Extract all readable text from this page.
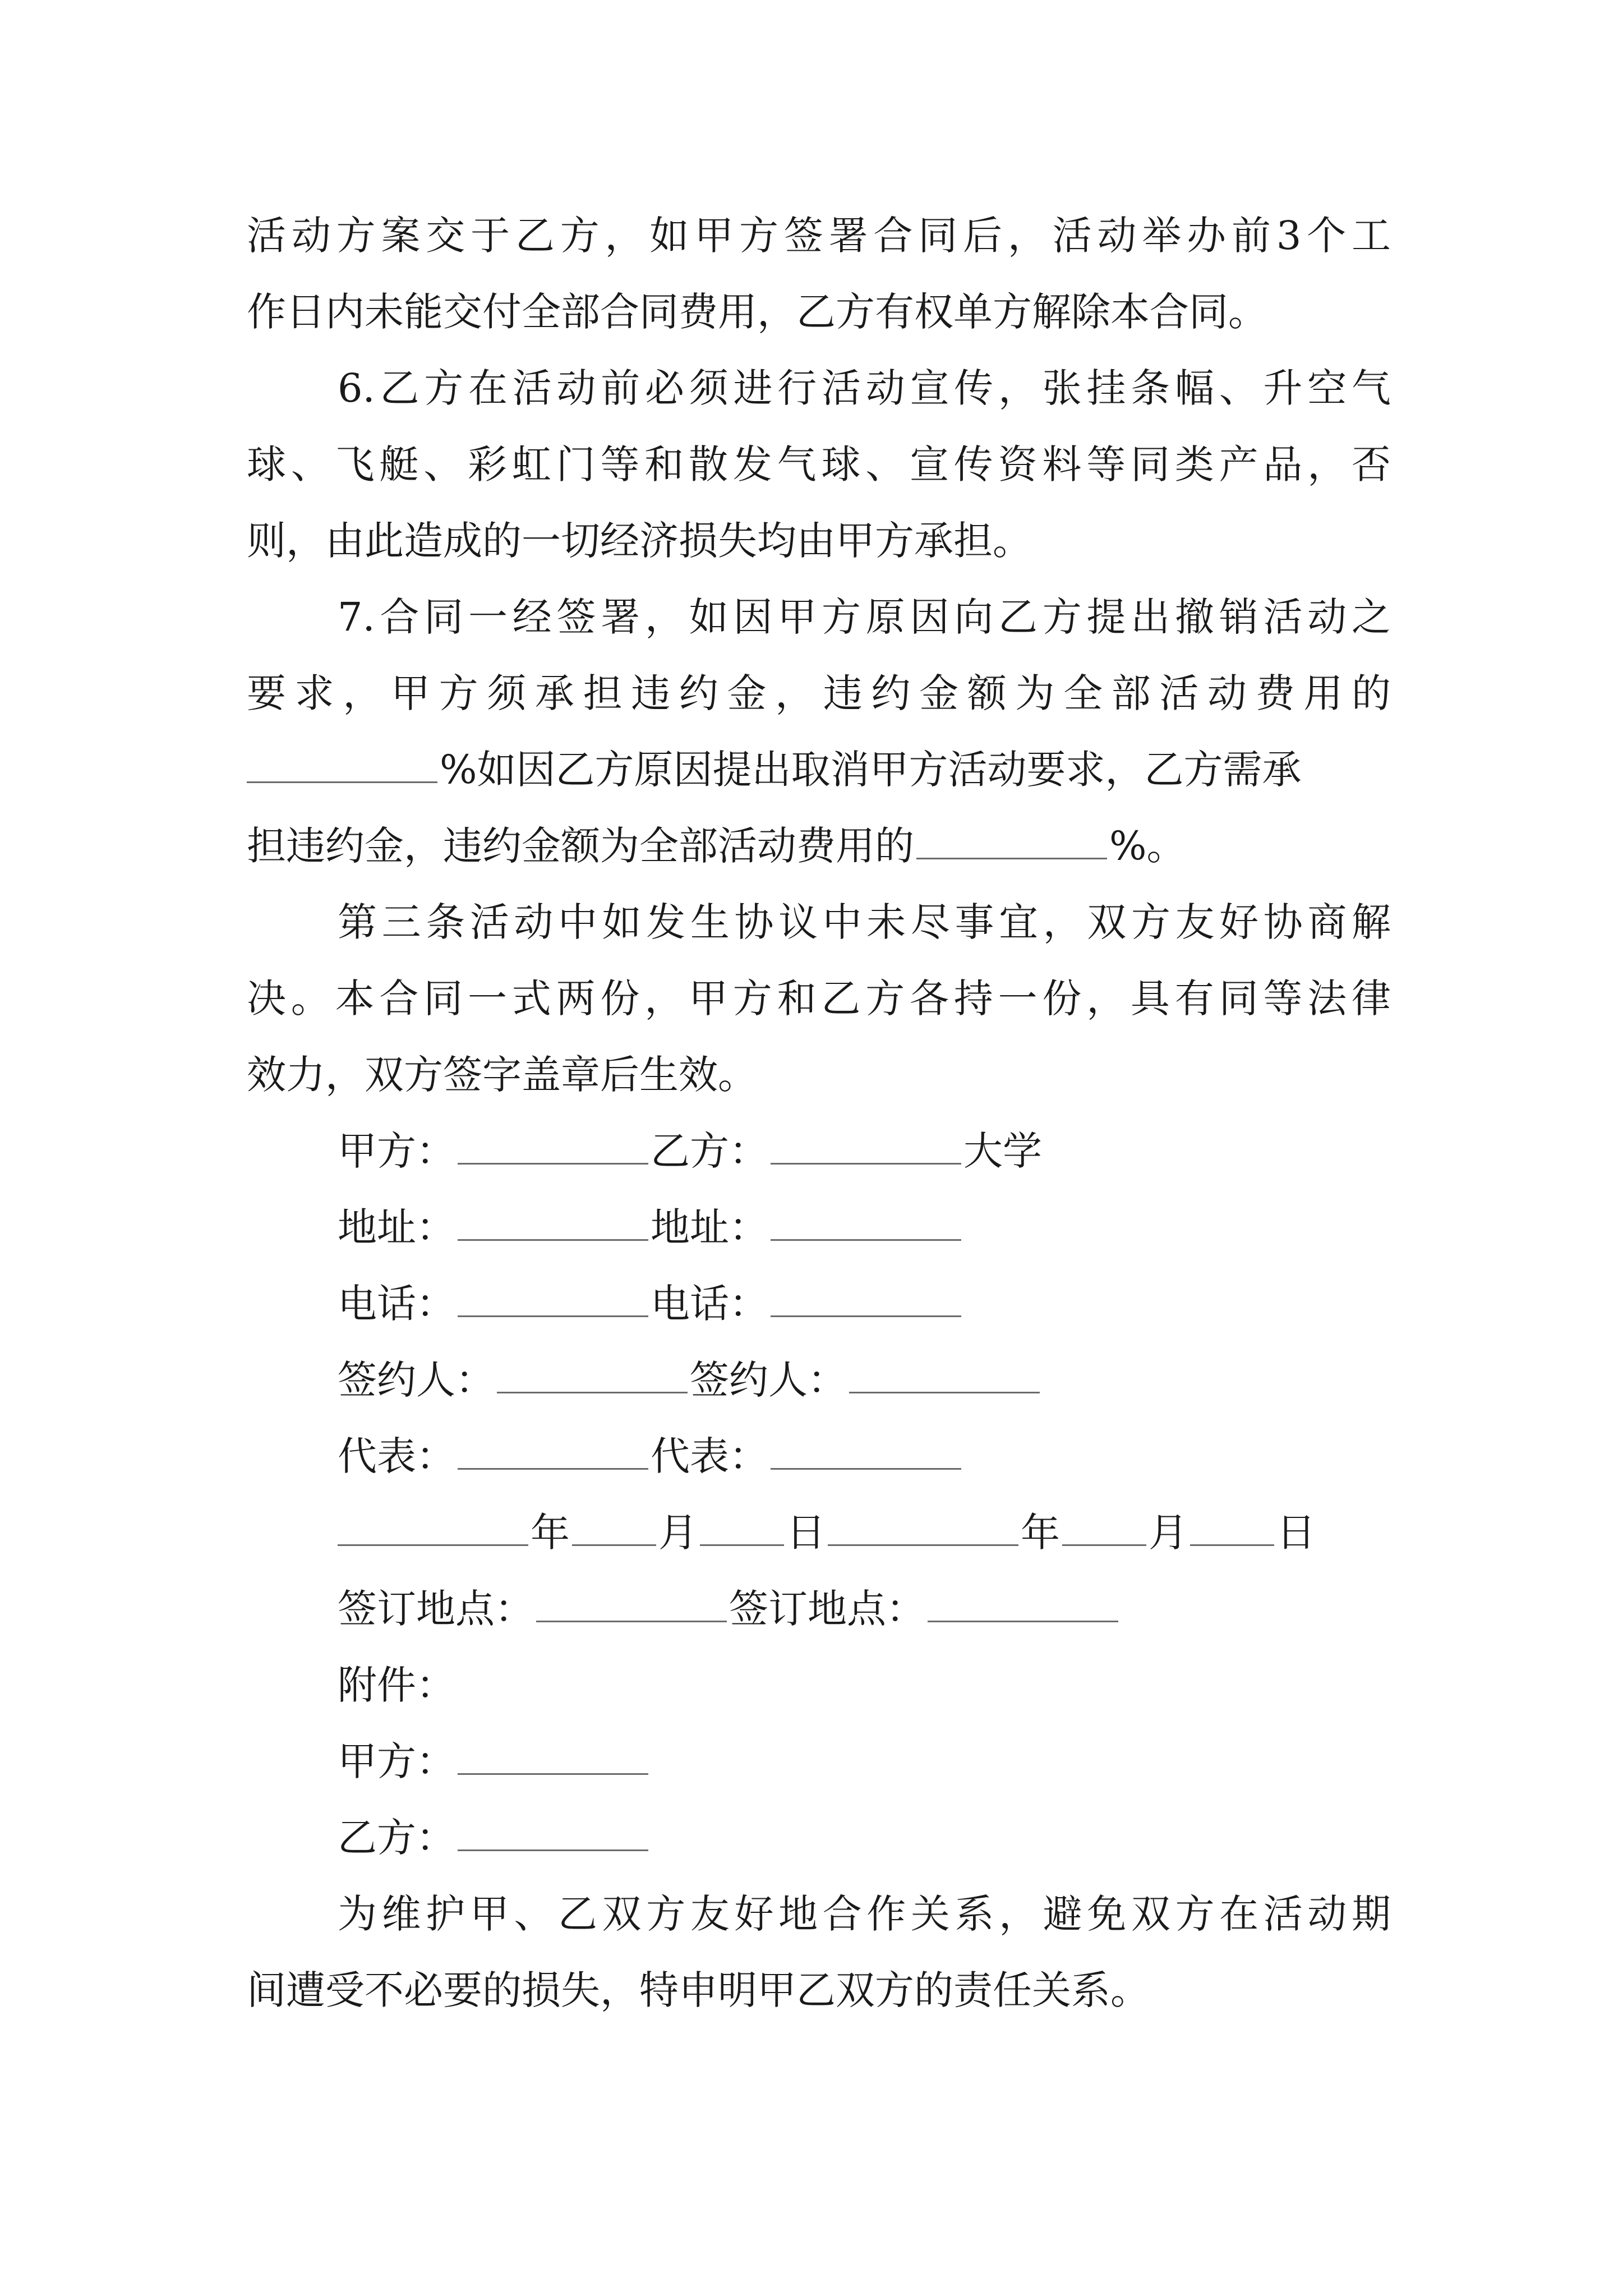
活动方案交于乙方，如甲方签署合同后，活动举办前3个工
作日内未能交付全部合同费用，乙方有权单方解除本合同。
6.乙方在活动前必须进行活动宣传，张挂条幅、升空气
球、飞艇、彩虹门等和散发气球、宣传资料等同类产品，否
则，由此造成的一切经济损失均由甲方承担。
7.合同一经签署，如因甲方原因向乙方提出撤销活动之
要求，甲方须承担违约金，违约金额为全部活动费用的
%如因乙方原因提出取消甲方活动要求，乙方需承
担违约金，违约金额为全部活动费用的	%。
第三条活动中如发生协议中未尽事宜，双方友好协商解
决。本合同一式两份，甲方和乙方各持一份，具有同等法律
效力，双方签字盖章后生效。
甲方：	乙方：	大学
地址：	地址：
电话：	电话：
签约人：	签约人：
代表：	代表：
年 月 日	年 月 日
签订地点：	签订地点：
附件：
甲方：
乙方：
为维护甲、乙双方友好地合作关系，避免双方在活动期
间遭受不必要的损失，特申明甲乙双方的责任关系。
